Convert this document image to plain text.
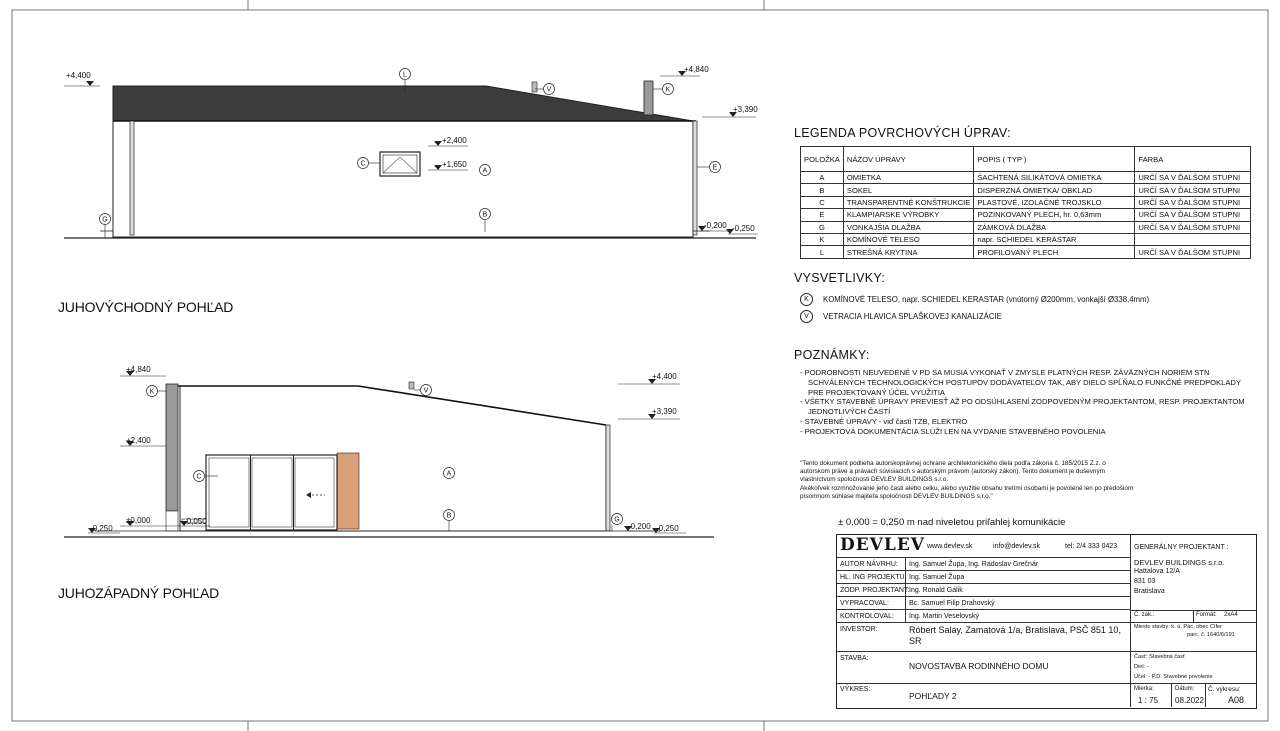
+4,400
+4,840
+3,390
+2,400
+1,650
-0,200 -0,250
L
V	K
E
C
A
G
B
+4,840
+4,400
+3,390
+2,400
±0,000
-0,250
-0,050
-0,200 -0,250
K	V
C	A
B
G
JUHOVÝCHODNÝ POHĽAD
JUHOZÁPADNÝ POHĽAD
LEGENDA POVRCHOVÝCH ÚPRAV:
POLOŽKA	NÁZOV ÚPRAVY	POPIS ( TYP )	FARBA
A	OMIETKA	ŠACHTENÁ SILIKÁTOVÁ OMIETKA	URČÍ SA V ĎALŠOM STUPNI
B	SOKEL	DISPERZNÁ OMIETKA/ OBKLAD	URČÍ SA V ĎALŠOM STUPNI
C	TRANSPARENTNÉ KONŠTRUKCIE	PLASTOVÉ, IZOLAČNÉ TROJSKLO	URČÍ SA V ĎALŠOM STUPNI
E	KLAMPIARSKE VÝROBKY	POZINKOVANÝ PLECH, hr. 0,63mm	URČÍ SA V ĎALŠOM STUPNI
G	VONKAJŠIA DLAŽBA	ZÁMKOVÁ DLAŽBA	URČÍ SA V ĎALŠOM STUPNI
K	KOMÍNOVÉ TELESO	napr. SCHIEDEL KERASTAR	
L	STREŠNÁ KRYTINA	PROFILOVANÝ PLECH	URČÍ SA V ĎALŠOM STUPNI
VYSVETLIVKY:
K	KOMÍNOVÉ TELESO, napr. SCHIEDEL KERASTAR (vnútorný Ø200mm, vonkajší Ø338,4mm)
V	VETRACIA HLAVICA SPLAŠKOVEJ KANALIZÁCIE
POZNÁMKY:
- PODROBNOSTI NEUVEDENÉ V PD SA MUSIA VYKONAŤ V ZMYSLE PLATNÝCH RESP. ZÁVÄZNÝCH NORIEM STN
SCHVÁLENÝCH TECHNOLOGICKÝCH POSTUPOV DODÁVATEĽOV TAK, ABY DIELO SPĹŇALO FUNKČNÉ PREDPOKLADY
PRE PROJEKTOVANÝ ÚČEL VYUŽITIA
- VŠETKY STAVEBNÉ ÚPRAVY PREVIESŤ AŽ PO ODSÚHLASENÍ ZODPOVEDNÝM PROJEKTANTOM, RESP. PROJEKTANTOM
JEDNOTLIVÝCH ČASTÍ
- STAVEBNÉ ÚPRAVY - viď časti TZB, ELEKTRO
- PROJEKTOVÁ DOKUMENTÁCIA SLÚŽI LEN NA VYDANIE STAVEBNÉHO POVOLENIA
"Tento dokument podlieha autorskoprávnej ochrane architektonického diela podľa zákona č. 185/2015 Z.z. o
autorskom práve a právach súvisiacich s autorským právom (autorský zákon). Tento dokument je duševným
vlastníctvom spoločnosti DEVLEV BUILDINGS s.r.o.
Akékoľvek rozmnožovanie jeho časti alebo celku, alebo využitie obsahu tretími osobami je povolené len po predošlom
písomnom súhlase majiteľa spoločnosti DEVLEV BUILDINGS s.r.o."
± 0,000 = 0,250 m nad niveletou priľahlej komunikácie
DEVLEV www.devlev.sk	info@devlev.sk	tel: 2/4 333 0423
AUTOR NÁVRHU: Ing. Samuel Župa, Ing. Radoslav Grečnár
HL. ING PROJEKTU: Ing. Samuel Župa
ZODP. PROJEKTANT: Ing. Ronald Gálik
VYPRACOVAL:	Bc. Samuel Filip Drahovský
KONTROLOVAL: Ing. Martin Veselovský
INVESTOR:	Róbert Salay, Zamatová 1/a, Bratislava, PSČ 851 10, SR
STAVBA:
NOVOSTAVBA RODINNÉHO DOMU
VÝKRES:
POHĽADY 2
GENERÁLNY PROJEKTANT :
DEVLEV BUILDINGS s.r.o.
Hattalova 12/A
831 03
Bratislava
Č. zak.:	Formát: 2xA4
Miesto stavby: k. ú. Pác, obec Cífer
parc. č. 1640/6/191
Časť: Stavebná časť
Diel: -
Účel: - P.D. Stavebné povolenie
Mierka:
1 : 75
Dátum:
08.2022
Č. výkresu:
A08
